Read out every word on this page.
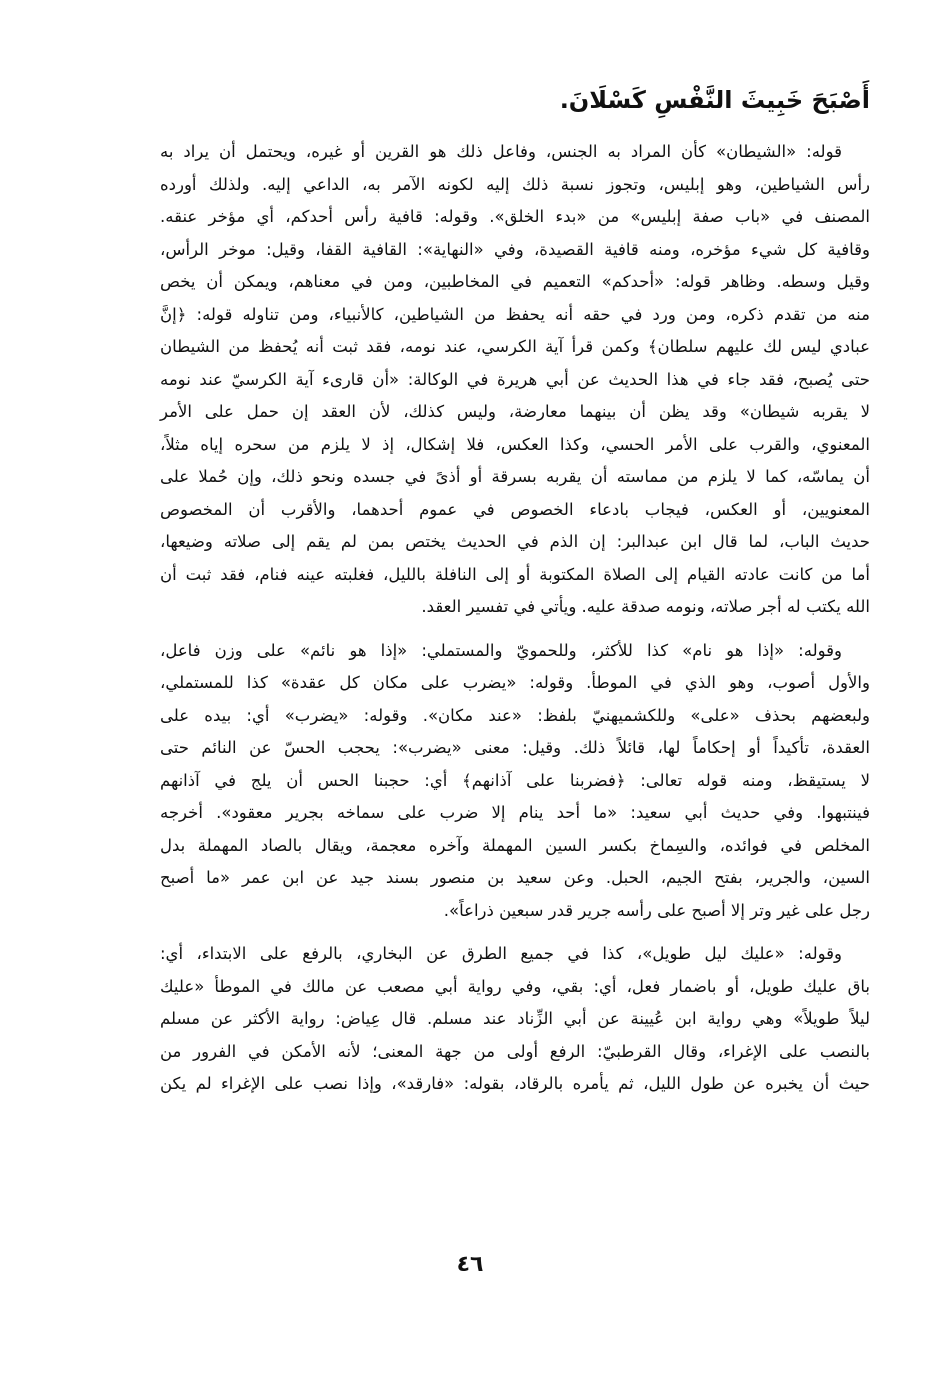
أَصْبَحَ خَبِيثَ النَّفْسِ كَسْلَانَ.
قوله: «الشيطان» كأن المراد به الجنس، وفاعل ذلك هو القرين أو غيره، ويحتمل أن يراد به
رأس الشياطين، وهو إبليس، وتجوز نسبة ذلك إليه لكونه الآمر به، الداعي إليه. ولذلك أورده
المصنف في «باب صفة إبليس» من «بدء الخلق». وقوله: قافية رأس أحدكم، أي مؤخر عنقه.
وقافية كل شيء مؤخره، ومنه قافية القصيدة، وفي «النهاية»: القافية القفا، وقيل: موخر الرأس،
وقيل وسطه. وظاهر قوله: «أحدكم» التعميم في المخاطبين، ومن في معناهم، ويمكن أن يخص
منه من تقدم ذكره، ومن ورد في حقه أنه يحفظ من الشياطين، كالأنبياء، ومن تناوله قوله: ﴿إنَّ
عبادي ليس لك عليهم سلطان﴾ وكمن قرأ آية الكرسي، عند نومه، فقد ثبت أنه يُحفظ من الشيطان
حتى يُصبح، فقد جاء في هذا الحديث عن أبي هريرة في الوكالة: «أن قارىء آية الكرسيّ عند نومه
لا يقربه شيطان» وقد يظن أن بينهما معارضة، وليس كذلك، لأن العقد إن حمل على الأمر
المعنوي، والقرب على الأمر الحسي، وكذا العكس، فلا إشكال، إذ لا يلزم من سحره إياه مثلاً،
أن يماسّه، كما لا يلزم من مماسته أن يقربه بسرقة أو أذىً في جسده ونحو ذلك، وإن حُملا على
المعنويين، أو العكس، فيجاب بادعاء الخصوص في عموم أحدهما، والأقرب أن المخصوص
حديث الباب، لما قال ابن عبدالبر: إن الذم في الحديث يختص بمن لم يقم إلى صلاته وضيعها،
أما من كانت عادته القيام إلى الصلاة المكتوبة أو إلى النافلة بالليل، فغلبته عينه فنام، فقد ثبت أن
الله يكتب له أجر صلاته، ونومه صدقة عليه. ويأتي في تفسير العقد.
وقوله: «إذا هو نام» كذا للأكثر، وللحمويّ والمستملي: «إذا هو نائم» على وزن فاعل،
والأول أصوب، وهو الذي في الموطأ. وقوله: «يضرب على مكان كل عقدة» كذا للمستملي،
ولبعضهم بحذف «على» وللكشميهنيّ بلفظ: «عند مكان». وقوله: «يضرب» أي: بيده على
العقدة، تأكيداً أو إحكاماً لها، قائلاً ذلك. وقيل: معنى «يضرب»: يحجب الحسّ عن النائم حتى
لا يستيقظ، ومنه قوله تعالى: ﴿فضربنا على آذانهم﴾ أي: حجبنا الحس أن يلج في آذانهم
فينتبهوا. وفي حديث أبي سعيد: «ما أحد ينام إلا ضرب على سماخه بجرير معقود». أخرجه
المخلص في فوائده، والسِماخ بكسر السين المهملة وآخره معجمة، ويقال بالصاد المهملة بدل
السين، والجرير، بفتح الجيم، الحبل. وعن سعيد بن منصور بسند جيد عن ابن عمر «ما أصبح
رجل على غير وتر إلا أصبح على رأسه جرير قدر سبعين ذراعاً».
وقوله: «عليك ليل طويل»، كذا في جميع الطرق عن البخاري، بالرفع على الابتداء، أي:
باق عليك طويل، أو باضمار فعل، أي: بقي، وفي رواية أبي مصعب عن مالك في الموطأ «عليك
ليلاً طويلاً» وهي رواية ابن عُيينة عن أبي الزِّناد عند مسلم. قال عِياض: رواية الأكثر عن مسلم
بالنصب على الإغراء، وقال القرطبيّ: الرفع أولى من جهة المعنى؛ لأنه الأمكن في الفرور من
حيث أن يخبره عن طول الليل، ثم يأمره بالرقاد، بقوله: «فارقد»، وإذا نصب على الإغراء لم يكن
٤٦
